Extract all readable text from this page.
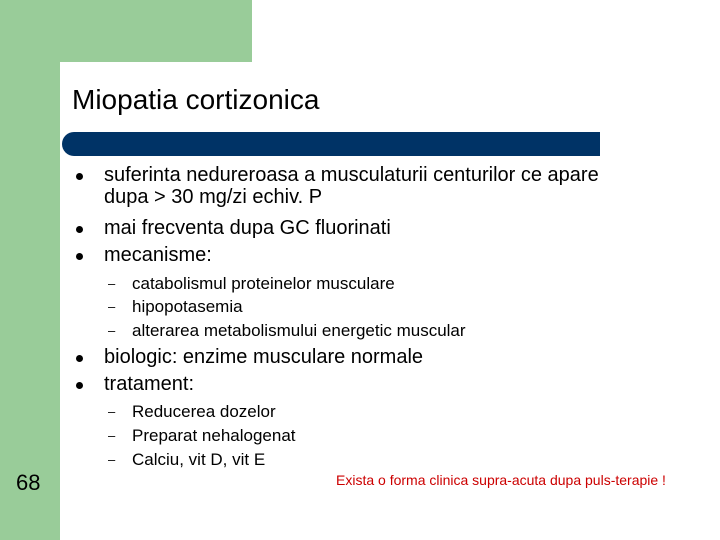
Miopatia cortizonica
suferinta nedureroasa a musculaturii centurilor ce apare
dupa > 30 mg/zi echiv. P
mai frecventa dupa GC fluorinati
mecanisme:
– catabolismul proteinelor musculare
– hipopotasemia
– alterarea metabolismului energetic muscular
biologic: enzime musculare normale
tratament:
– Reducerea dozelor
– Preparat nehalogenat
– Calciu, vit D, vit E
Exista o forma clinica supra-acuta dupa puls-terapie !
68
